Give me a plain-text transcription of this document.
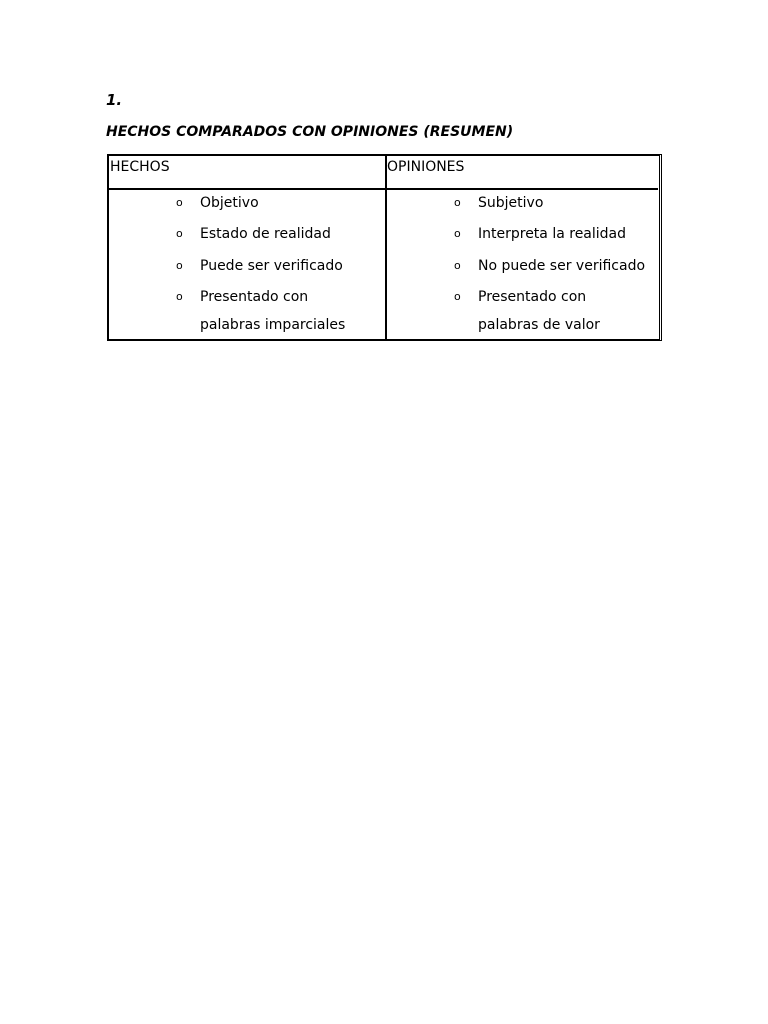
1.
HECHOS COMPARADOS CON OPINIONES (RESUMEN)
HECHOS
o Objetivo
o Estado de realidad
o Puede ser verificado
o Presentado con
palabras imparciales
OPINIONES
o Subjetivo
o Interpreta la realidad
o No puede ser verificado
o Presentado con
palabras de valor
